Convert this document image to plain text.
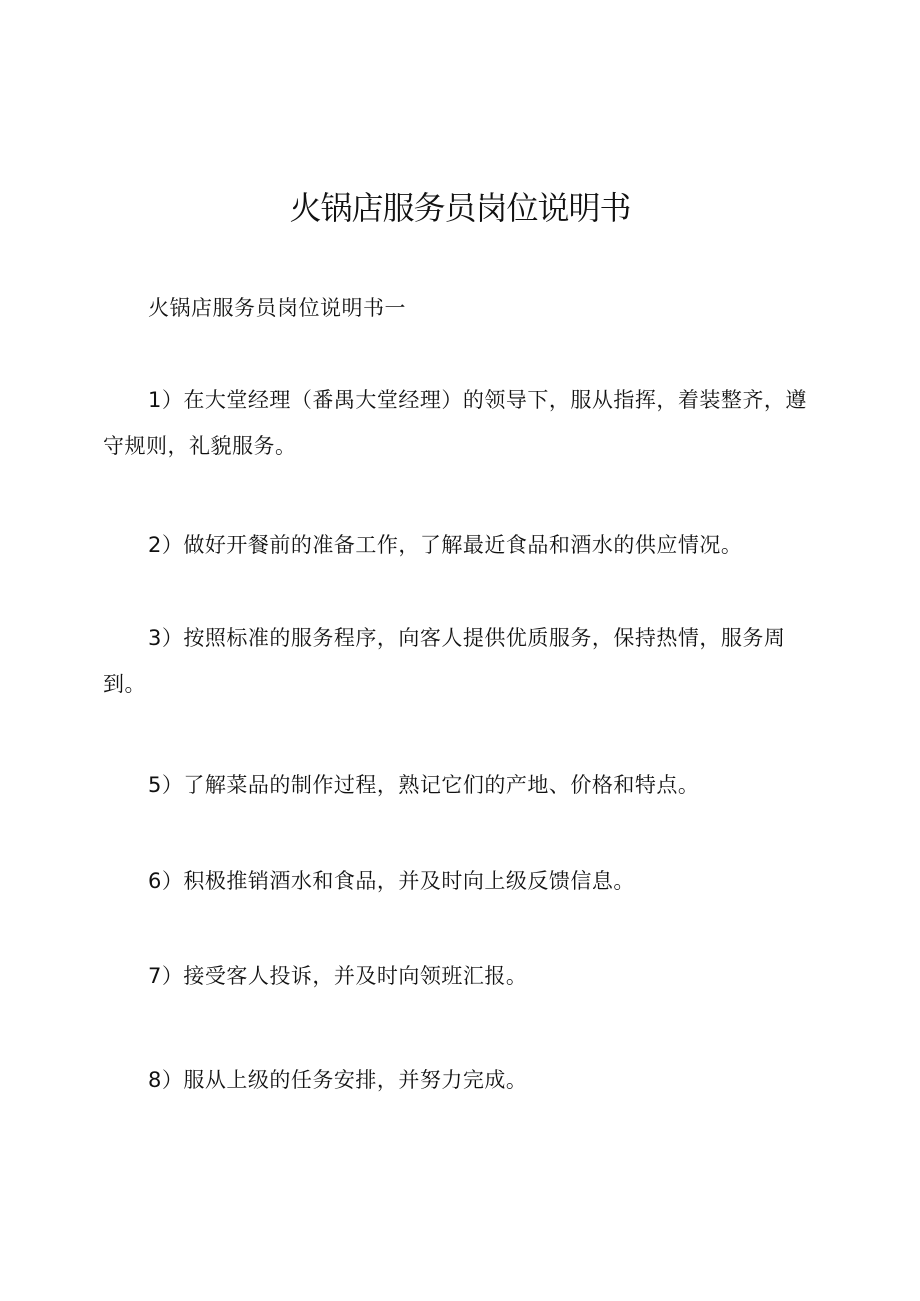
火锅店服务员岗位说明书

火锅店服务员岗位说明书一

1）在大堂经理（番禺大堂经理）的领导下，服从指挥，着装整齐，遵守规则，礼貌服务。

2）做好开餐前的准备工作，了解最近食品和酒水的供应情况。

3）按照标准的服务程序，向客人提供优质服务，保持热情，服务周到。

5）了解菜品的制作过程，熟记它们的产地、价格和特点。

6）积极推销酒水和食品，并及时向上级反馈信息。

7）接受客人投诉，并及时向领班汇报。

8）服从上级的任务安排，并努力完成。
